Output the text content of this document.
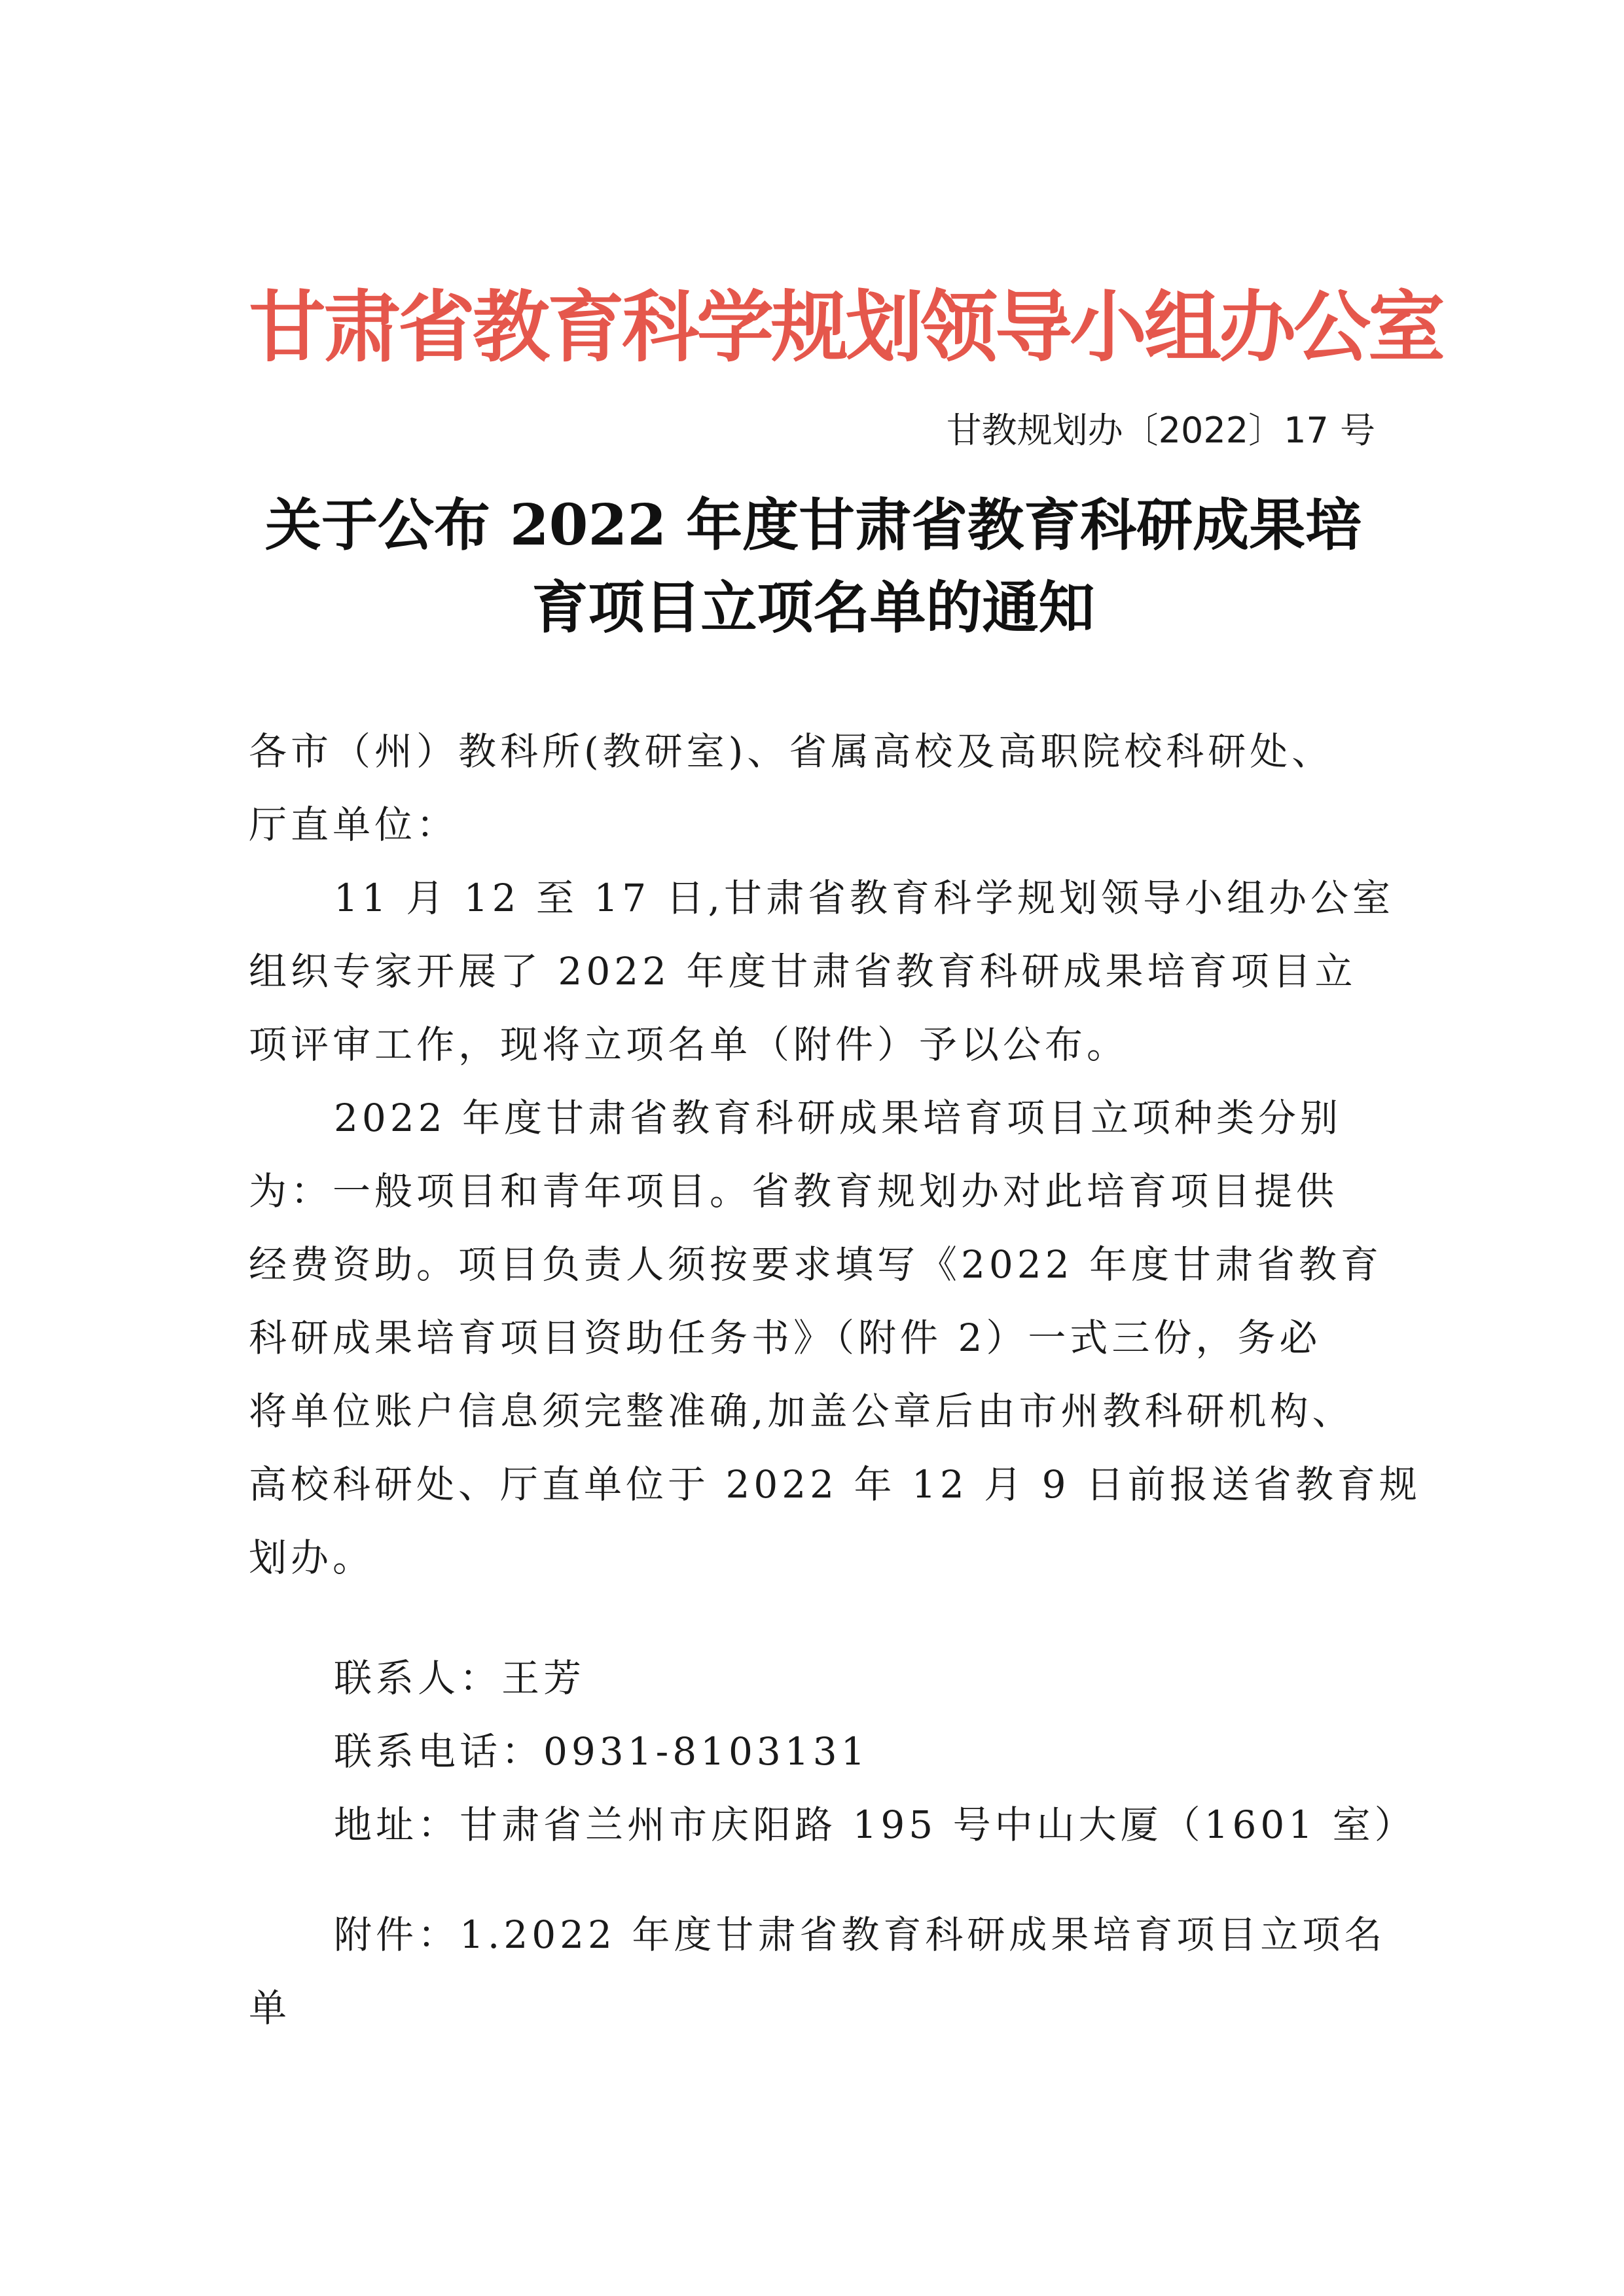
甘肃省教育科学规划领导小组办公室
甘教规划办〔2022〕17 号
关于公布 2022 年度甘肃省教育科研成果培
育项目立项名单的通知
各市（州）教科所(教研室)、省属高校及高职院校科研处、
厅直单位：
11 月 12 至 17 日,甘肃省教育科学规划领导小组办公室
组织专家开展了 2022 年度甘肃省教育科研成果培育项目立
项评审工作，现将立项名单（附件）予以公布。
2022 年度甘肃省教育科研成果培育项目立项种类分别
为：一般项目和青年项目。省教育规划办对此培育项目提供
经费资助。项目负责人须按要求填写《2022 年度甘肃省教育
科研成果培育项目资助任务书》（附件 2）一式三份，务必
将单位账户信息须完整准确,加盖公章后由市州教科研机构、
高校科研处、厅直单位于 2022 年 12 月 9 日前报送省教育规
划办。
联系人：王芳
联系电话：0931-8103131
地址：甘肃省兰州市庆阳路 195 号中山大厦（1601 室）
附件：1.2022 年度甘肃省教育科研成果培育项目立项名
单
